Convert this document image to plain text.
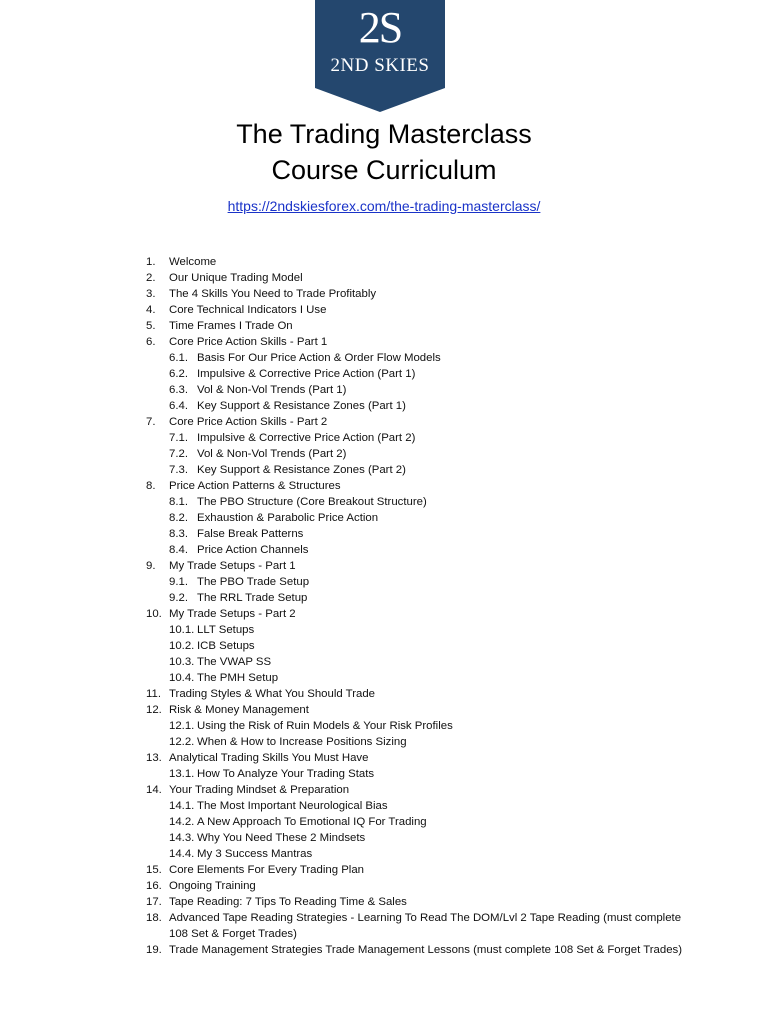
2S
2ND SKIES
The Trading Masterclass
Course Curriculum
https://2ndskiesforex.com/the-trading-masterclass/
1. Welcome
2. Our Unique Trading Model
3. The 4 Skills You Need to Trade Profitably
4. Core Technical Indicators I Use
5. Time Frames I Trade On
6. Core Price Action Skills - Part 1
6.1. Basis For Our Price Action & Order Flow Models
6.2. Impulsive & Corrective Price Action (Part 1)
6.3. Vol & Non-Vol Trends (Part 1)
6.4. Key Support & Resistance Zones (Part 1)
7. Core Price Action Skills - Part 2
7.1. Impulsive & Corrective Price Action (Part 2)
7.2. Vol & Non-Vol Trends (Part 2)
7.3. Key Support & Resistance Zones (Part 2)
8. Price Action Patterns & Structures
8.1. The PBO Structure (Core Breakout Structure)
8.2. Exhaustion & Parabolic Price Action
8.3. False Break Patterns
8.4. Price Action Channels
9. My Trade Setups - Part 1
9.1. The PBO Trade Setup
9.2. The RRL Trade Setup
10. My Trade Setups - Part 2
10.1. LLT Setups
10.2. ICB Setups
10.3. The VWAP SS
10.4. The PMH Setup
11. Trading Styles & What You Should Trade
12. Risk & Money Management
12.1. Using the Risk of Ruin Models & Your Risk Profiles
12.2. When & How to Increase Positions Sizing
13. Analytical Trading Skills You Must Have
13.1. How To Analyze Your Trading Stats
14. Your Trading Mindset & Preparation
14.1. The Most Important Neurological Bias
14.2. A New Approach To Emotional IQ For Trading
14.3. Why You Need These 2 Mindsets
14.4. My 3 Success Mantras
15. Core Elements For Every Trading Plan
16. Ongoing Training
17. Tape Reading: 7 Tips To Reading Time & Sales
18. Advanced Tape Reading Strategies - Learning To Read The DOM/Lvl 2 Tape Reading (must complete 108 Set & Forget Trades)
19. Trade Management Strategies Trade Management Lessons (must complete 108 Set & Forget Trades)
